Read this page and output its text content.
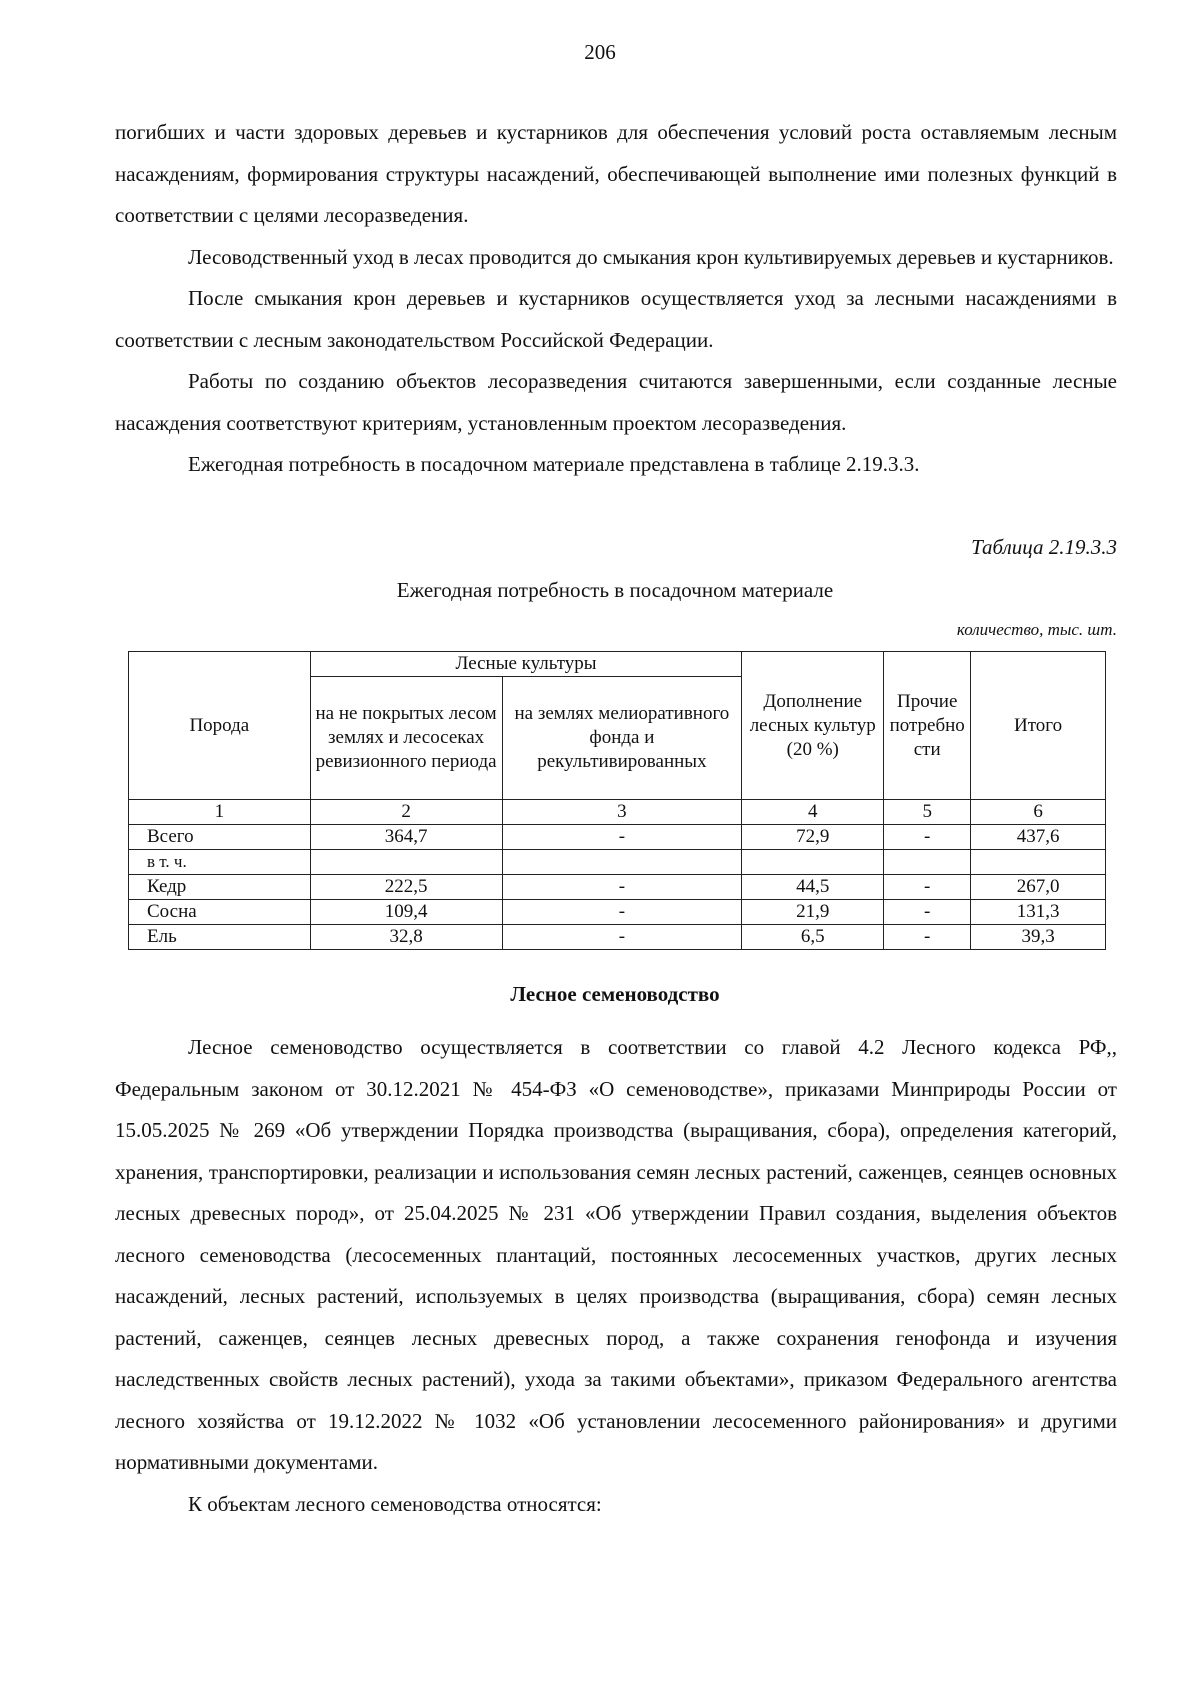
206

погибших и части здоровых деревьев и кустарников для обеспечения условий роста оставляемым лесным насаждениям, формирования структуры насаждений, обеспечивающей выполнение ими полезных функций в соответствии с целями лесоразведения.

Лесоводственный уход в лесах проводится до смыкания крон культивируемых деревьев и кустарников.

После смыкания крон деревьев и кустарников осуществляется уход за лесными насаждениями в соответствии с лесным законодательством Российской Федерации.

Работы по созданию объектов лесоразведения считаются завершенными, если созданные лесные насаждения соответствуют критериям, установленным проектом лесоразведения.

Ежегодная потребность в посадочном материале представлена в таблице 2.19.3.3.

Таблица 2.19.3.3
Ежегодная потребность в посадочном материале
количество, тыс. шт.
Порода	Лесные культуры		Дополнение лесных культур (20 %)	Прочие потребно сти	Итого
	на не покрытых лесом землях и лесосеках ревизионного периода	на землях мелиоративного фонда и рекультивированных			
1	2	3	4	5	6
Всего	364,7	-	72,9	-	437,6
в т. ч.					
Кедр	222,5	-	44,5	-	267,0
Сосна	109,4	-	21,9	-	131,3
Ель	32,8	-	6,5	-	39,3
Лесное семеноводство

Лесное семеноводство осуществляется в соответствии со главой 4.2 Лесного кодекса РФ,, Федеральным законом от 30.12.2021 № 454-ФЗ «О семеноводстве», приказами Минприроды России от 15.05.2025 № 269 «Об утверждении Порядка производства (выращивания, сбора), определения категорий, хранения, транспортировки, реализации и использования семян лесных растений, саженцев, сеянцев основных лесных древесных пород», от 25.04.2025 № 231 «Об утверждении Правил создания, выделения объектов лесного семеноводства (лесосеменных плантаций, постоянных лесосеменных участков, других лесных насаждений, лесных растений, используемых в целях производства (выращивания, сбора) семян лесных растений, саженцев, сеянцев лесных древесных пород, а также сохранения генофонда и изучения наследственных свойств лесных растений), ухода за такими объектами», приказом Федерального агентства лесного хозяйства от 19.12.2022 № 1032 «Об установлении лесосеменного районирования» и другими нормативными документами.

К объектам лесного семеноводства относятся:
